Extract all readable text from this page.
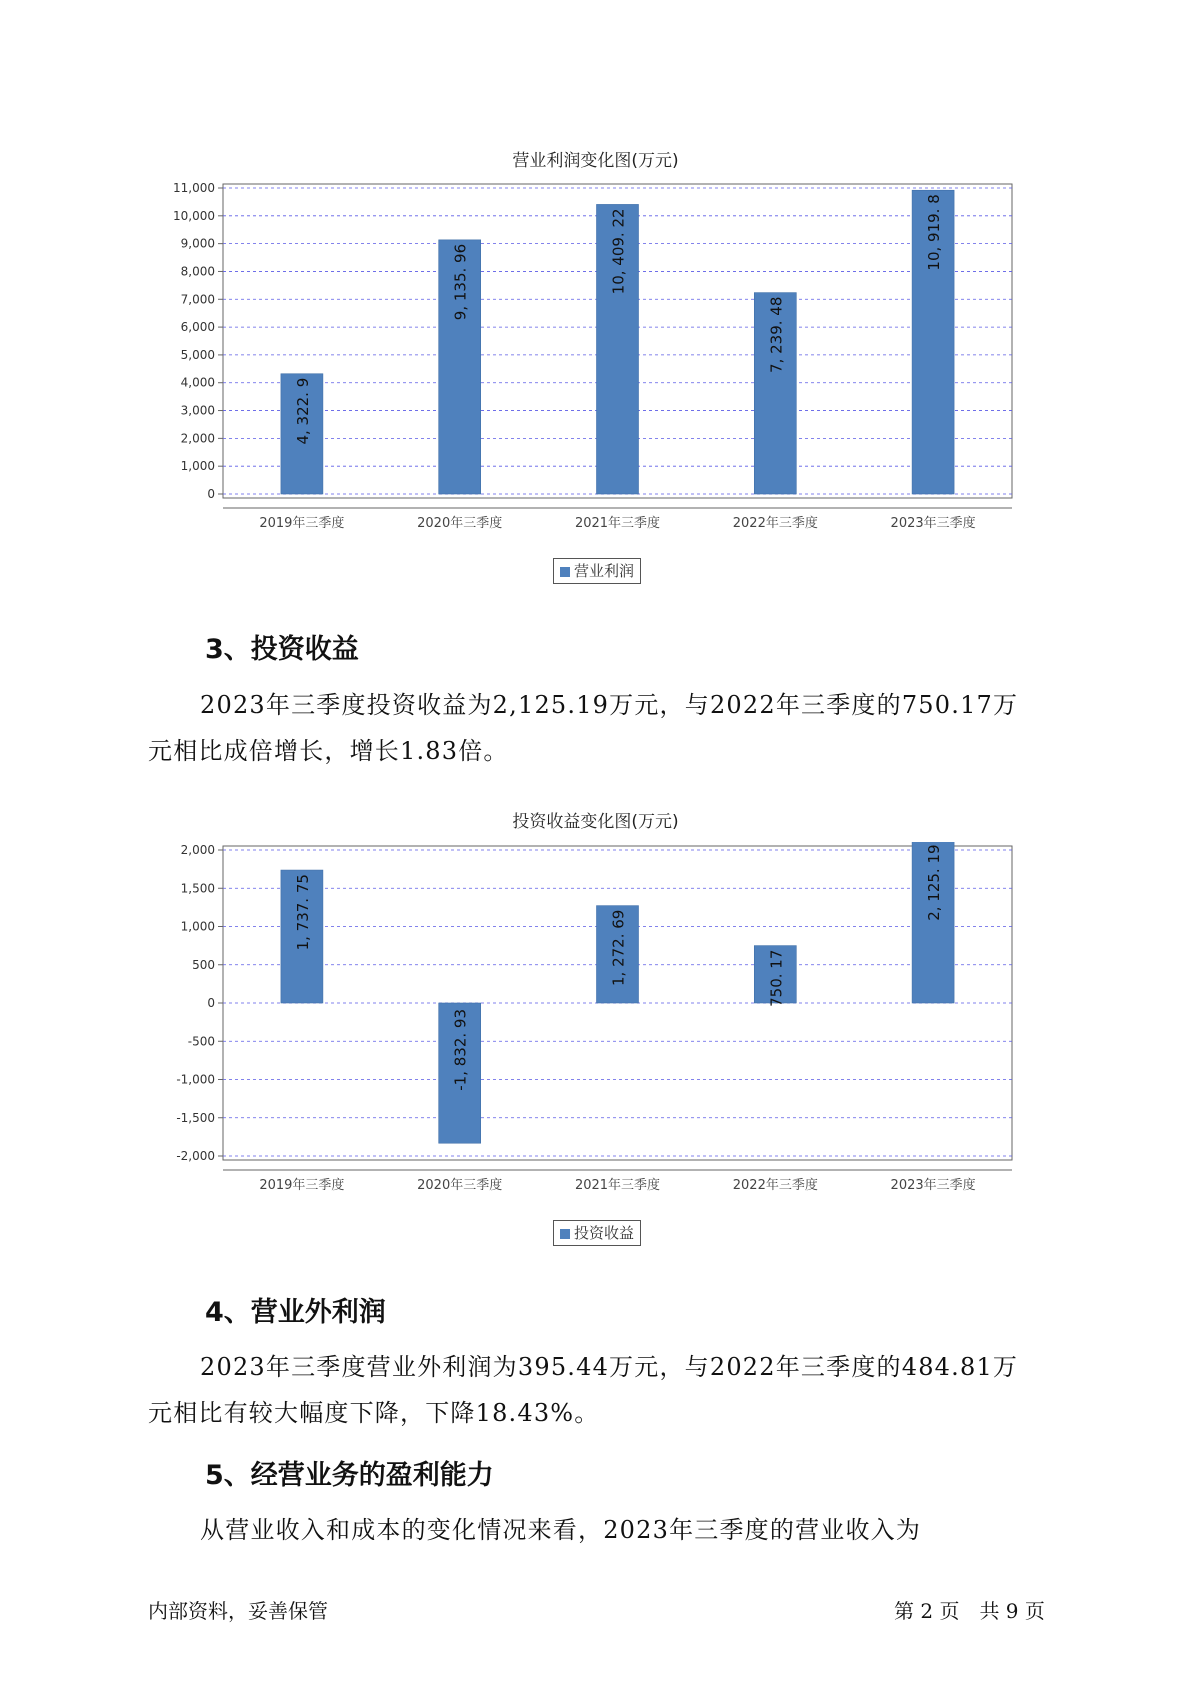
营业利润变化图(万元)
0
1,000
2,000
3,000
4,000
5,000
6,000
7,000
8,000
9,000
10,000
11,000
4, 322. 9
2019年三季度
9, 135. 96
2020年三季度
10, 409. 22
2021年三季度
7, 239. 48
2022年三季度
10, 919. 8
2023年三季度
营业利润
3、投资收益
2023年三季度投资收益为2,125.19万元，与2022年三季度的750.17万
元相比成倍增长，增长1.83倍。
投资收益变化图(万元)
-2,000
-1,500
-1,000
-500
0
500
1,000
1,500
2,000
1, 737. 75
2019年三季度
-1, 832. 93
2020年三季度
1, 272. 69
2021年三季度
750. 17
2022年三季度
2, 125. 19
2023年三季度
投资收益
4、营业外利润
2023年三季度营业外利润为395.44万元，与2022年三季度的484.81万
元相比有较大幅度下降，下降18.43%。
5、经营业务的盈利能力
从营业收入和成本的变化情况来看，2023年三季度的营业收入为
内部资料，妥善保管	第 2 页　共 9 页
